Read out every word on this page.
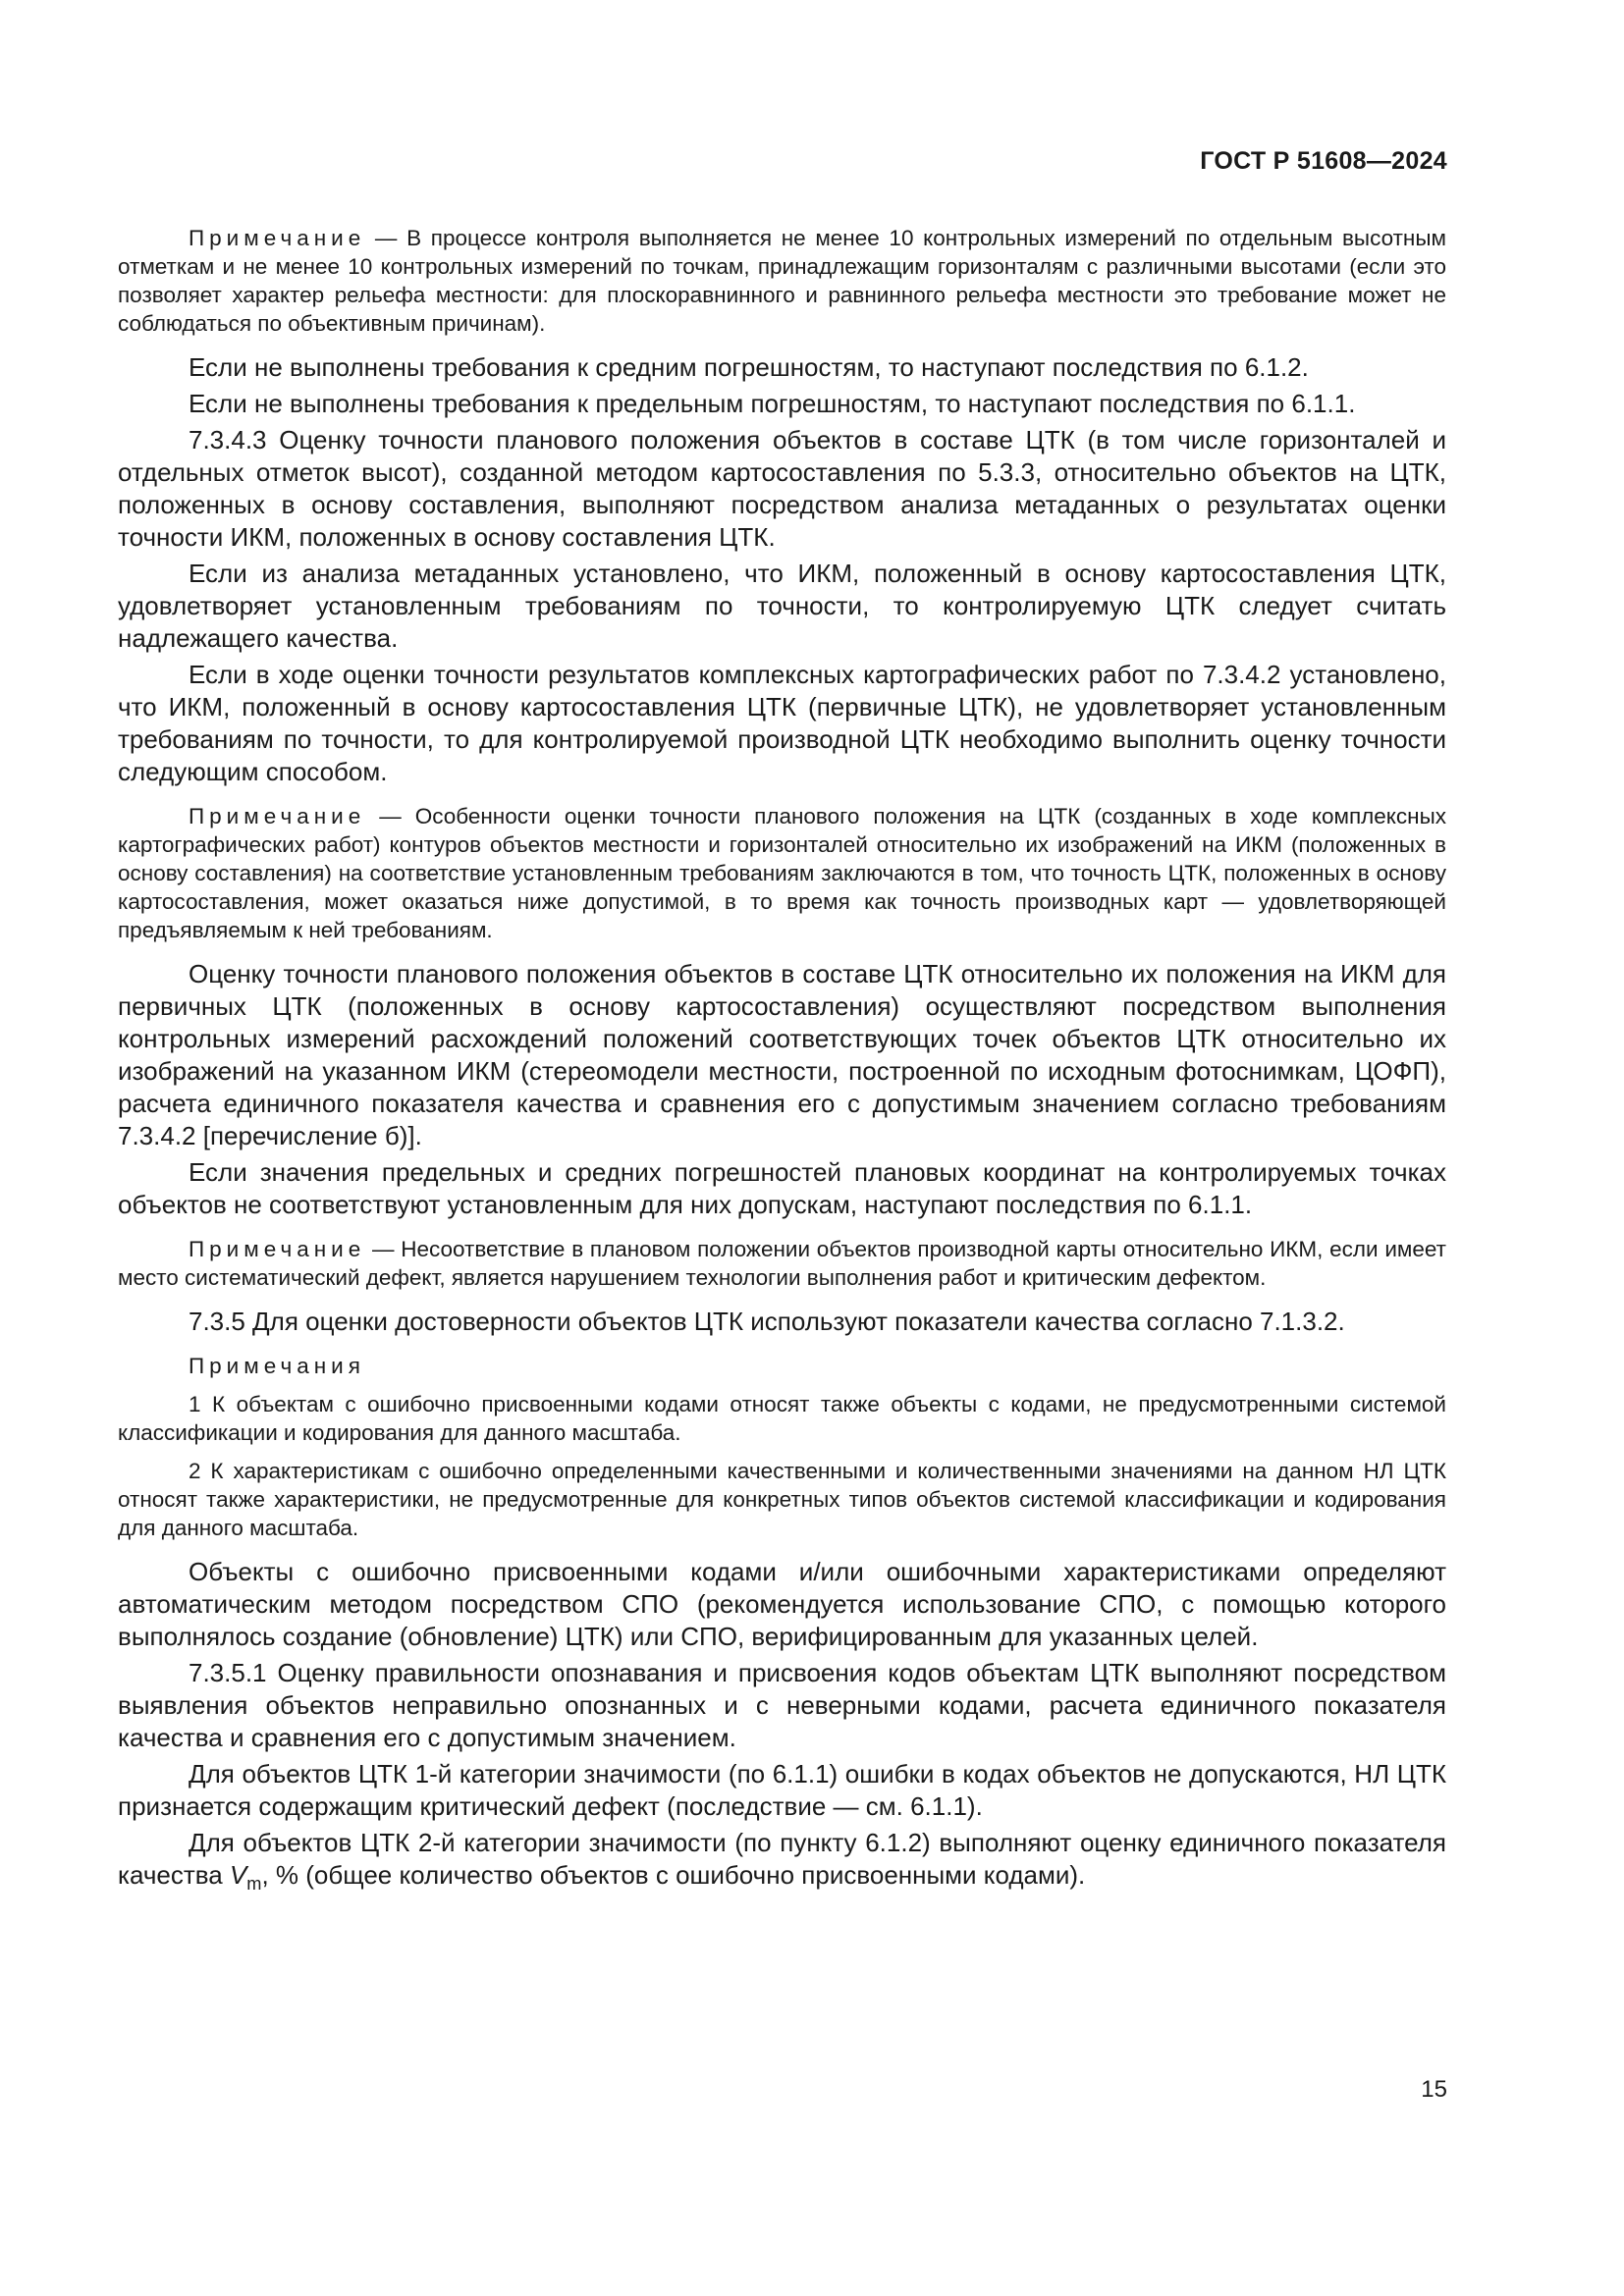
ГОСТ Р 51608—2024

Примечание — В процессе контроля выполняется не менее 10 контрольных измерений по отдельным высотным отметкам и не менее 10 контрольных измерений по точкам, принадлежащим горизонталям с различными высотами (если это позволяет характер рельефа местности: для плоскоравнинного и равнинного рельефа местности это требование может не соблюдаться по объективным причинам).

Если не выполнены требования к средним погрешностям, то наступают последствия по 6.1.2.

Если не выполнены требования к предельным погрешностям, то наступают последствия по 6.1.1.

7.3.4.3 Оценку точности планового положения объектов в составе ЦТК (в том числе горизонталей и отдельных отметок высот), созданной методом картосоставления по 5.3.3, относительно объектов на ЦТК, положенных в основу составления, выполняют посредством анализа метаданных о результатах оценки точности ИКМ, положенных в основу составления ЦТК.

Если из анализа метаданных установлено, что ИКМ, положенный в основу картосоставления ЦТК, удовлетворяет установленным требованиям по точности, то контролируемую ЦТК следует считать надлежащего качества.

Если в ходе оценки точности результатов комплексных картографических работ по 7.3.4.2 установлено, что ИКМ, положенный в основу картосоставления ЦТК (первичные ЦТК), не удовлетворяет установленным требованиям по точности, то для контролируемой производной ЦТК необходимо выполнить оценку точности следующим способом.

Примечание — Особенности оценки точности планового положения на ЦТК (созданных в ходе комплексных картографических работ) контуров объектов местности и горизонталей относительно их изображений на ИКМ (положенных в основу составления) на соответствие установленным требованиям заключаются в том, что точность ЦТК, положенных в основу картосоставления, может оказаться ниже допустимой, в то время как точность производных карт — удовлетворяющей предъявляемым к ней требованиям.

Оценку точности планового положения объектов в составе ЦТК относительно их положения на ИКМ для первичных ЦТК (положенных в основу картосоставления) осуществляют посредством выполнения контрольных измерений расхождений положений соответствующих точек объектов ЦТК относительно их изображений на указанном ИКМ (стереомодели местности, построенной по исходным фотоснимкам, ЦОФП), расчета единичного показателя качества и сравнения его с допустимым значением согласно требованиям 7.3.4.2 [перечисление б)].

Если значения предельных и средних погрешностей плановых координат на контролируемых точках объектов не соответствуют установленным для них допускам, наступают последствия по 6.1.1.

Примечание — Несоответствие в плановом положении объектов производной карты относительно ИКМ, если имеет место систематический дефект, является нарушением технологии выполнения работ и критическим дефектом.

7.3.5 Для оценки достоверности объектов ЦТК используют показатели качества согласно 7.1.3.2.

Примечания

1 К объектам с ошибочно присвоенными кодами относят также объекты с кодами, не предусмотренными системой классификации и кодирования для данного масштаба.

2 К характеристикам с ошибочно определенными качественными и количественными значениями на данном НЛ ЦТК относят также характеристики, не предусмотренные для конкретных типов объектов системой классификации и кодирования для данного масштаба.

Объекты с ошибочно присвоенными кодами и/или ошибочными характеристиками определяют автоматическим методом посредством СПО (рекомендуется использование СПО, с помощью которого выполнялось создание (обновление) ЦТК) или СПО, верифицированным для указанных целей.

7.3.5.1 Оценку правильности опознавания и присвоения кодов объектам ЦТК выполняют посредством выявления объектов неправильно опознанных и с неверными кодами, расчета единичного показателя качества и сравнения его с допустимым значением.

Для объектов ЦТК 1-й категории значимости (по 6.1.1) ошибки в кодах объектов не допускаются, НЛ ЦТК признается содержащим критический дефект (последствие — см. 6.1.1).

Для объектов ЦТК 2-й категории значимости (по пункту 6.1.2) выполняют оценку единичного показателя качества $V_m$, % (общее количество объектов с ошибочно присвоенными кодами).

15
